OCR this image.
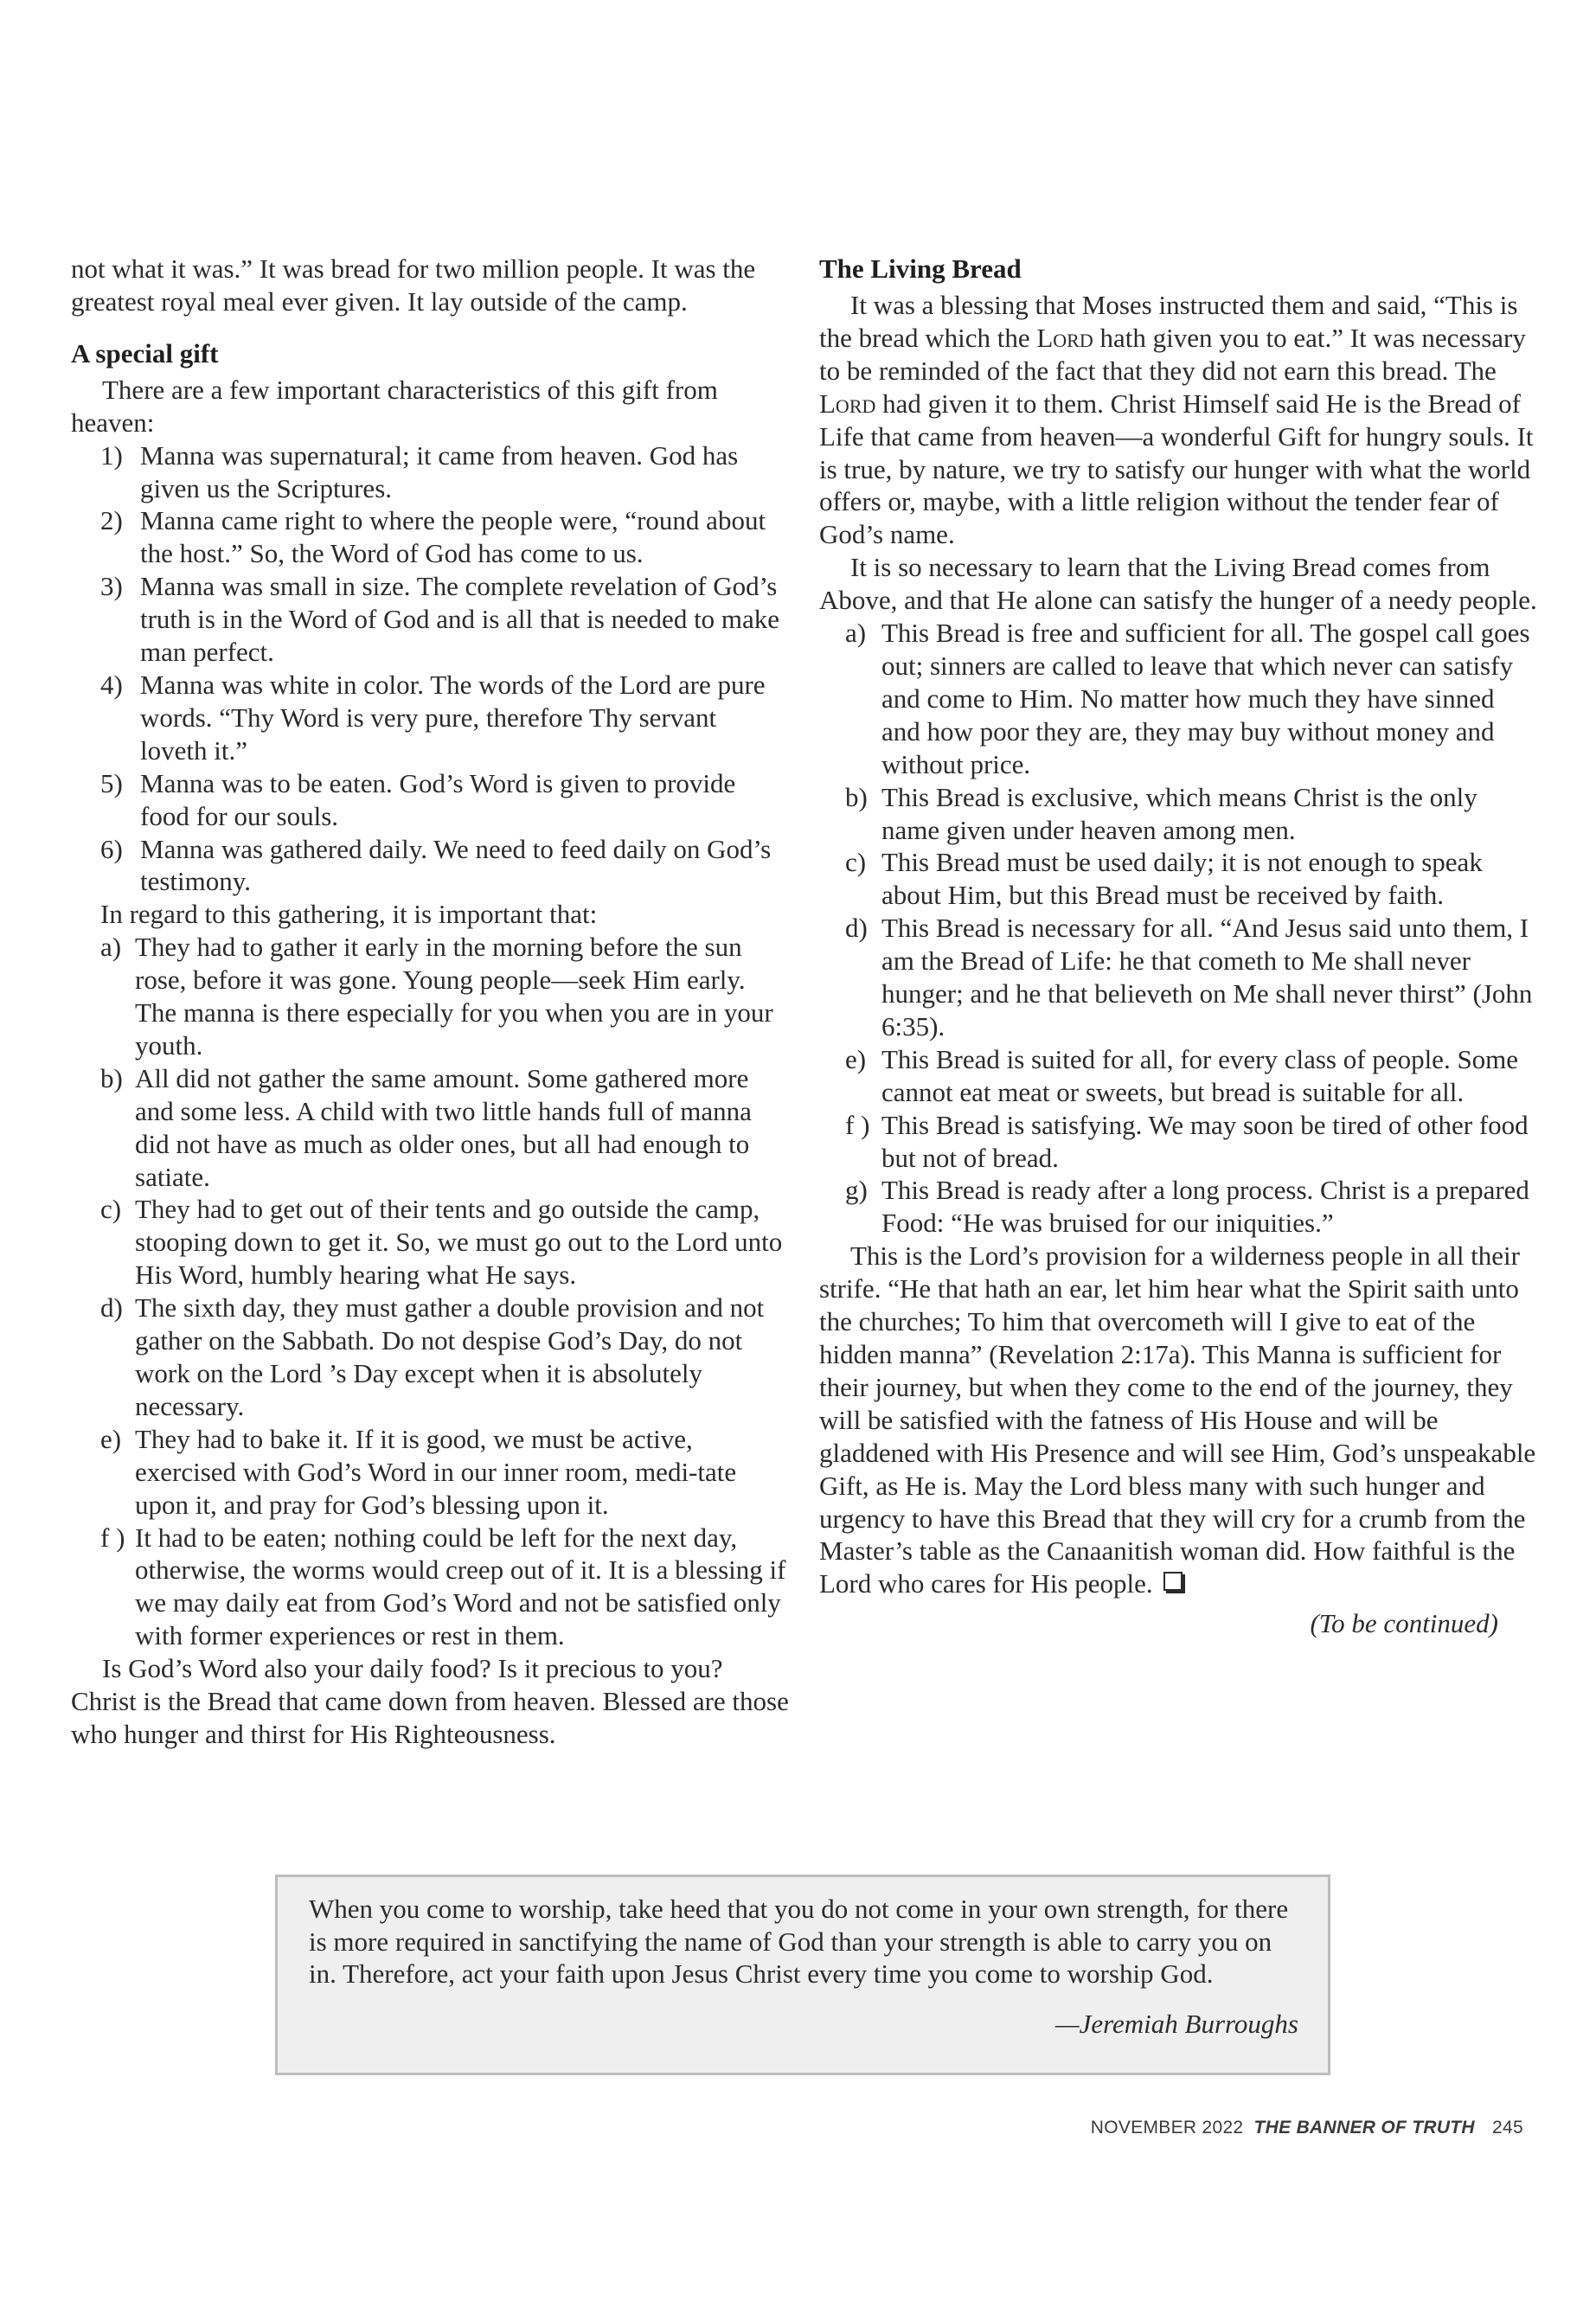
not what it was.” It was bread for two million people. It was the greatest royal meal ever given. It lay outside of the camp.

A special gift

There are a few important characteristics of this gift from heaven:

1) Manna was supernatural; it came from heaven. God has given us the Scriptures.
2) Manna came right to where the people were, “round about the host.” So, the Word of God has come to us.
3) Manna was small in size. The complete revelation of God’s truth is in the Word of God and is all that is needed to make man perfect.
4) Manna was white in color. The words of the Lord are pure words. “Thy Word is very pure, therefore Thy servant loveth it.”
5) Manna was to be eaten. God’s Word is given to provide food for our souls.
6) Manna was gathered daily. We need to feed daily on God’s testimony.

In regard to this gathering, it is important that:

a) They had to gather it early in the morning before the sun rose, before it was gone. Young people—seek Him early. The manna is there especially for you when you are in your youth.
b) All did not gather the same amount. Some gathered more and some less. A child with two little hands full of manna did not have as much as older ones, but all had enough to satiate.
c) They had to get out of their tents and go outside the camp, stooping down to get it. So, we must go out to the Lord unto His Word, humbly hearing what He says.
d) The sixth day, they must gather a double provision and not gather on the Sabbath. Do not despise God’s Day, do not work on the Lord ’s Day except when it is absolutely necessary.
e) They had to bake it. If it is good, we must be active, exercised with God’s Word in our inner room, medi-tate upon it, and pray for God’s blessing upon it.
f ) It had to be eaten; nothing could be left for the next day, otherwise, the worms would creep out of it. It is a blessing if we may daily eat from God’s Word and not be satisfied only with former experiences or rest in them.

Is God’s Word also your daily food? Is it precious to you? Christ is the Bread that came down from heaven. Blessed are those who hunger and thirst for His Righteousness.

The Living Bread

It was a blessing that Moses instructed them and said, “This is the bread which the Lord hath given you to eat.” It was necessary to be reminded of the fact that they did not earn this bread. The Lord had given it to them. Christ Himself said He is the Bread of Life that came from heaven—a wonderful Gift for hungry souls. It is true, by nature, we try to satisfy our hunger with what the world offers or, maybe, with a little religion without the tender fear of God’s name.

It is so necessary to learn that the Living Bread comes from Above, and that He alone can satisfy the hunger of a needy people.

a) This Bread is free and sufficient for all. The gospel call goes out; sinners are called to leave that which never can satisfy and come to Him. No matter how much they have sinned and how poor they are, they may buy without money and without price.
b) This Bread is exclusive, which means Christ is the only name given under heaven among men.
c) This Bread must be used daily; it is not enough to speak about Him, but this Bread must be received by faith.
d) This Bread is necessary for all. “And Jesus said unto them, I am the Bread of Life: he that cometh to Me shall never hunger; and he that believeth on Me shall never thirst” (John 6:35).
e) This Bread is suited for all, for every class of people. Some cannot eat meat or sweets, but bread is suitable for all.
f ) This Bread is satisfying. We may soon be tired of other food but not of bread.
g) This Bread is ready after a long process. Christ is a prepared Food: “He was bruised for our iniquities.”

This is the Lord’s provision for a wilderness people in all their strife. “He that hath an ear, let him hear what the Spirit saith unto the churches; To him that overcometh will I give to eat of the hidden manna” (Revelation 2:17a). This Manna is sufficient for their journey, but when they come to the end of the journey, they will be satisfied with the fatness of His House and will be gladdened with His Presence and will see Him, God’s unspeakable Gift, as He is. May the Lord bless many with such hunger and urgency to have this Bread that they will cry for a crumb from the Master’s table as the Canaanitish woman did. How faithful is the Lord who cares for His people.

(To be continued)

When you come to worship, take heed that you do not come in your own strength, for there is more required in sanctifying the name of God than your strength is able to carry you on in. Therefore, act your faith upon Jesus Christ every time you come to worship God.

—Jeremiah Burroughs

NOVEMBER 2022 THE BANNER OF TRUTH 245
